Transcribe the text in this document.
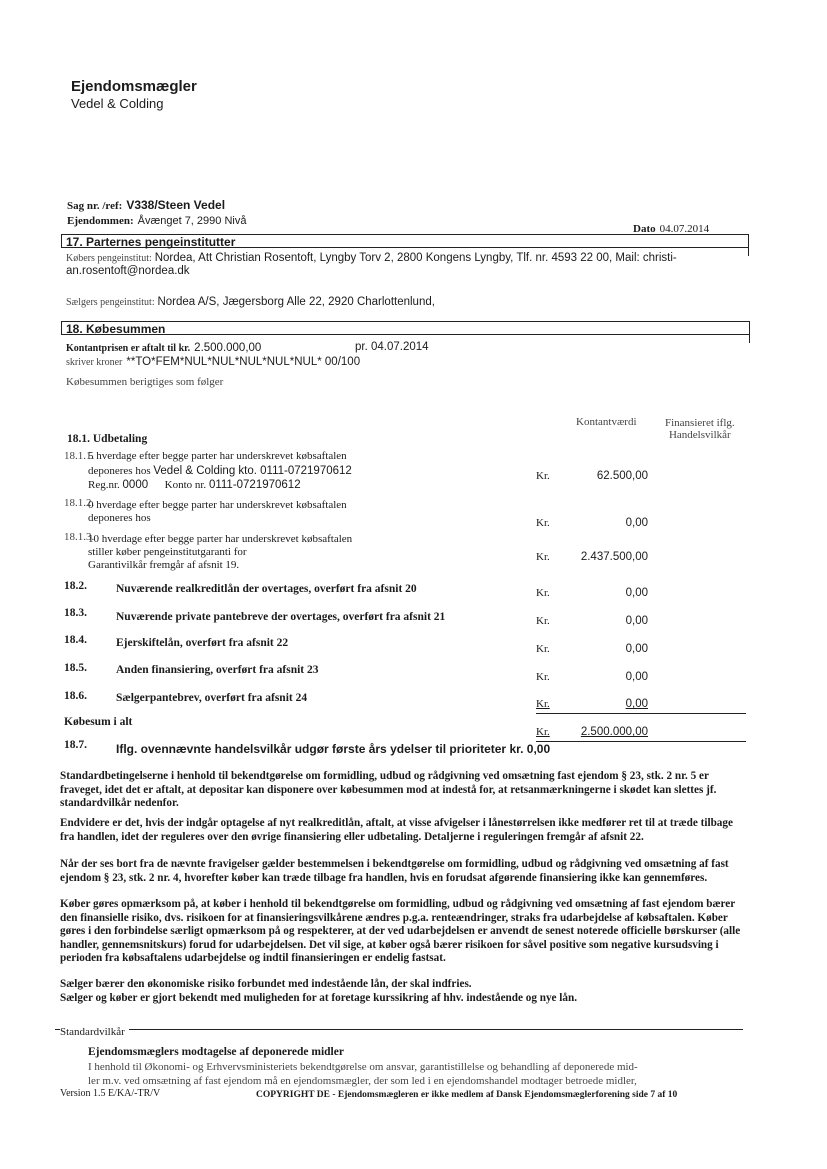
Ejendomsmægler
Vedel & Colding
Sag nr. /ref: V338/Steen Vedel
Ejendommen: Åvænget 7, 2990 Nivå
Dato 04.07.2014
17. Parternes pengeinstitutter
Købers pengeinstitut: Nordea, Att Christian Rosentoft, Lyngby Torv 2, 2800 Kongens Lyngby, Tlf. nr. 4593 22 00, Mail: christi-
an.rosentoft@nordea.dk
Sælgers pengeinstitut: Nordea A/S, Jægersborg Alle 22, 2920 Charlottenlund,
18. Købesummen
Kontantprisen er aftalt til kr. 2.500.000,00	pr. 04.07.2014
skriver kroner **TO*FEM*NUL*NUL*NUL*NUL*NUL* 00/100
Købesummen berigtiges som følger
Kontantværdi	Finansieret iflg.
Handelsvilkår
18.1. Udbetaling
18.1.1.
5 hverdage efter begge parter har underskrevet købsaftalen
deponeres hos Vedel & Colding kto. 0111-0721970612
Reg.nr. 0000 Konto nr. 0111-0721970612
Kr.	62.500,00
18.1.2.
0 hverdage efter begge parter har underskrevet købsaftalen
deponeres hos	Kr.	0,00
18.1.3.
10 hverdage efter begge parter har underskrevet købsaftalen
stiller køber pengeinstitutgaranti for
Garantivilkår fremgår af afsnit 19.
Kr.	2.437.500,00
18.2.	Nuværende realkreditlån der overtages, overført fra afsnit 20	Kr.	0,00
18.3.	Nuværende private pantebreve der overtages, overført fra afsnit 21	Kr.	0,00
18.4.	Ejerskiftelån, overført fra afsnit 22	Kr.	0,00
18.5.	Anden finansiering, overført fra afsnit 23
Kr.	0,00
18.6.	Sælgerpantebrev, overført fra afsnit 24	Kr.	0,00
Købesum i alt
Kr.	2.500.000,00
18.7. Iflg. ovennævnte handelsvilkår udgør første års ydelser til prioriteter kr. 0,00
Standardbetingelserne i henhold til bekendtgørelse om formidling, udbud og rådgivning ved omsætning fast ejendom § 23, stk. 2 nr. 5 er fraveget, idet det er aftalt, at depositar kan disponere over købesummen mod at indestå for, at retsanmærkningerne i skødet kan slettes jf. standardvilkår nedenfor.
Endvidere er det, hvis der indgår optagelse af nyt realkreditlån, aftalt, at visse afvigelser i lånestørrelsen ikke medfører ret til at træde tilbage fra handlen, idet der reguleres over den øvrige finansiering eller udbetaling. Detaljerne i reguleringen fremgår af afsnit 22.
Når der ses bort fra de nævnte fravigelser gælder bestemmelsen i bekendtgørelse om formidling, udbud og rådgivning ved omsætning af fast ejendom § 23, stk. 2 nr. 4, hvorefter køber kan træde tilbage fra handlen, hvis en forudsat afgørende finansiering ikke kan gennemføres.
Køber gøres opmærksom på, at køber i henhold til bekendtgørelse om formidling, udbud og rådgivning ved omsætning af fast ejendom bærer den finansielle risiko, dvs. risikoen for at finansieringsvilkårene ændres p.g.a. renteændringer, straks fra udarbejdelse af købsaftalen. Køber gøres i den forbindelse særligt opmærksom på og respekterer, at der ved udarbejdelsen er anvendt de senest noterede officielle børskurser (alle handler, gennemsnitskurs) forud for udarbejdelsen. Det vil sige, at køber også bærer risikoen for såvel positive som negative kursudsving i perioden fra købsaftalens udarbejdelse og indtil finansieringen er endelig fastsat.
Sælger bærer den økonomiske risiko forbundet med indestående lån, der skal indfries.
Sælger og køber er gjort bekendt med muligheden for at foretage kurssikring af hhv. indestående og nye lån.
Standardvilkår
Ejendomsmæglers modtagelse af deponerede midler
I henhold til Økonomi- og Erhvervsministeriets bekendtgørelse om ansvar, garantistillelse og behandling af deponerede mid-
ler m.v. ved omsætning af fast ejendom må en ejendomsmægler, der som led i en ejendomshandel modtager betroede midler,
Version 1.5 E/KA/-TR/V	COPYRIGHT DE - Ejendomsmægleren er ikke medlem af Dansk Ejendomsmæglerforening side 7 af 10
